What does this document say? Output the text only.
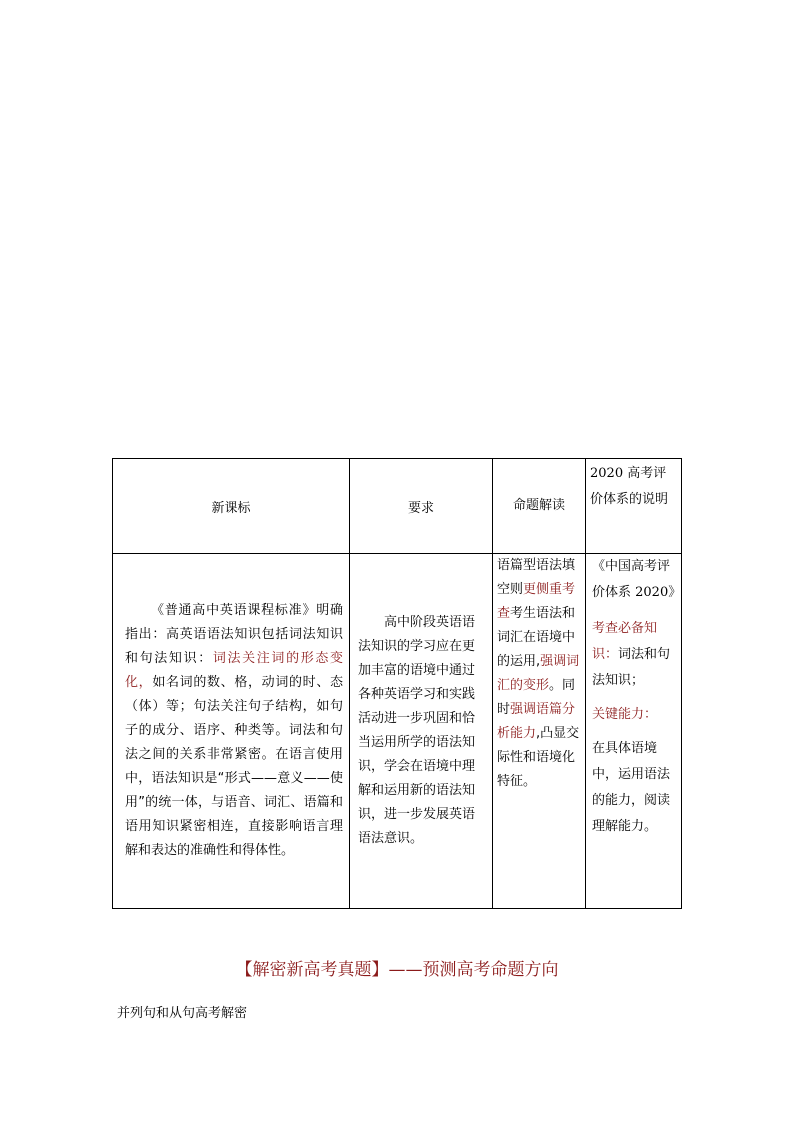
新课标	要求	命题解读	2020 高考评价体系的说明

《普通高中英语课程标准》明确指出：高英语语法知识包括词法知识和句法知识：词法关注词的形态变化，如名词的数、格，动词的时、态（体）等；句法关注句子结构，如句子的成分、语序、种类等。词法和句法之间的关系非常紧密。在语言使用中，语法知识是“形式——意义——使用”的统一体，与语音、词汇、语篇和语用知识紧密相连，直接影响语言理解和表达的准确性和得体性。	高中阶段英语语法知识的学习应在更加丰富的语境中通过各种英语学习和实践活动进一步巩固和恰当运用所学的语法知识，学会在语境中理解和运用新的语法知识，进一步发展英语语法意识。	语篇型语法填空则更侧重考查考生语法和词汇在语境中的运用,强调词汇的变形。同时强调语篇分析能力,凸显交际性和语境化特征。	《中国高考评价体系 2020》

考查必备知识：词法和句法知识；

关键能力：

在具体语境中，运用语法的能力，阅读理解能力。

【解密新高考真题】——预测高考命题方向
并列句和从句高考解密
